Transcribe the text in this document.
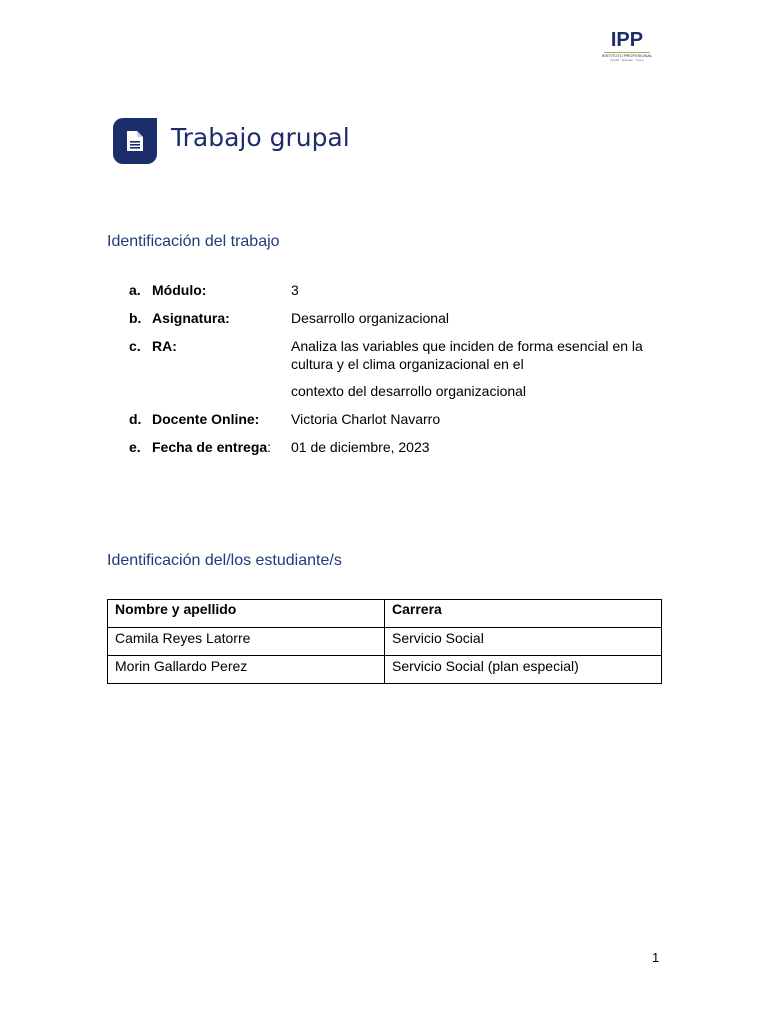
IPP
INSTITUTO PROFESIONAL
Sueña · Aprende · Crece
Trabajo grupal
Identificación del trabajo
a. Módulo:	3
b. Asignatura:	Desarrollo organizacional
c. RA:	Analiza las variables que inciden de forma esencial en la cultura y el clima organizacional en el
contexto del desarrollo organizacional
d. Docente Online: Victoria Charlot Navarro
e. Fecha de entrega: 01 de diciembre, 2023
Identificación del/los estudiante/s
Nombre y apellido	Carrera
Camila Reyes Latorre	Servicio Social
Morin Gallardo Perez	Servicio Social (plan especial)
1
